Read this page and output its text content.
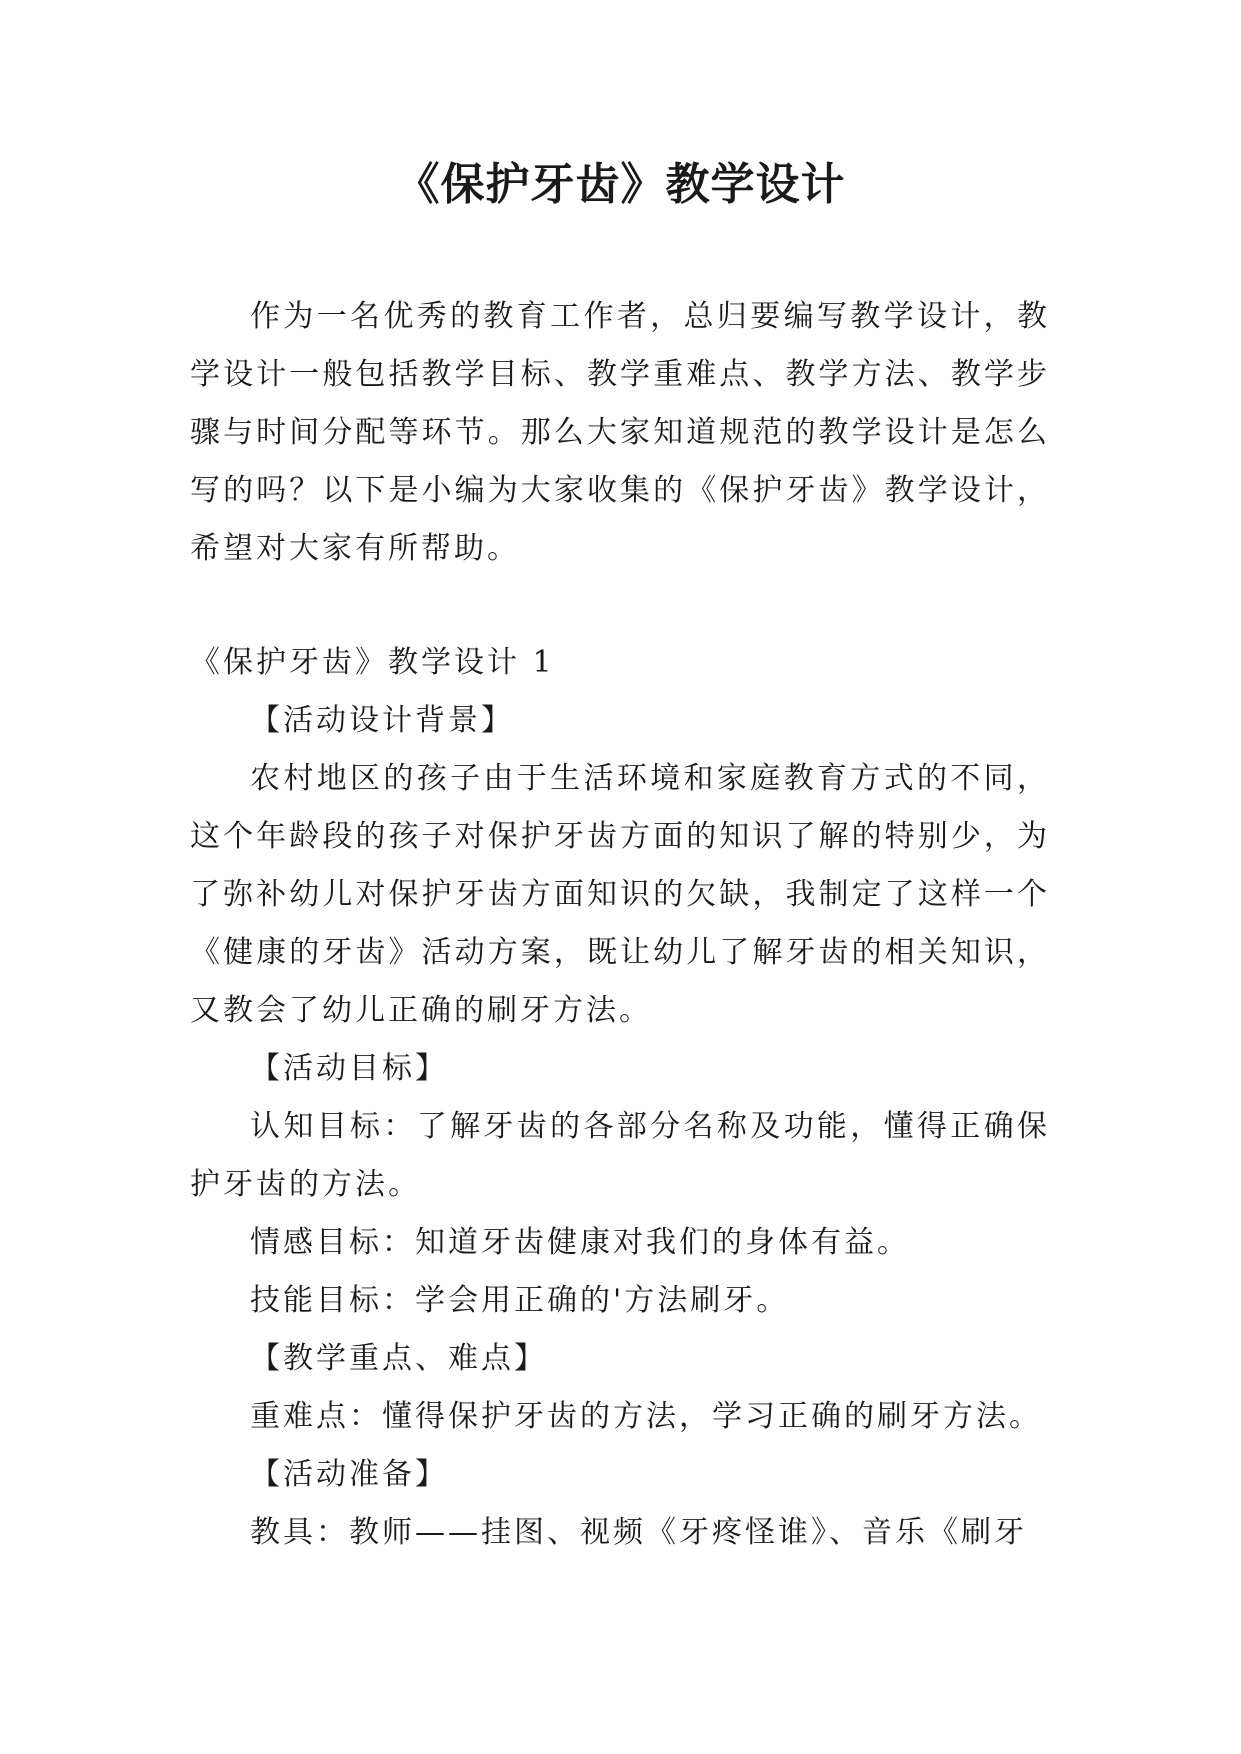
《保护牙齿》教学设计

作为一名优秀的教育工作者，总归要编写教学设计，教学设计一般包括教学目标、教学重难点、教学方法、教学步骤与时间分配等环节。那么大家知道规范的教学设计是怎么写的吗？以下是小编为大家收集的《保护牙齿》教学设计，希望对大家有所帮助。

《保护牙齿》教学设计 1

【活动设计背景】

农村地区的孩子由于生活环境和家庭教育方式的不同，这个年龄段的孩子对保护牙齿方面的知识了解的特别少，为了弥补幼儿对保护牙齿方面知识的欠缺，我制定了这样一个《健康的牙齿》活动方案，既让幼儿了解牙齿的相关知识，又教会了幼儿正确的刷牙方法。

【活动目标】

认知目标：了解牙齿的各部分名称及功能，懂得正确保护牙齿的方法。

情感目标：知道牙齿健康对我们的身体有益。

技能目标：学会用正确的'方法刷牙。

【教学重点、难点】

重难点：懂得保护牙齿的方法，学习正确的刷牙方法。

【活动准备】

教具：教师——挂图、视频《牙疼怪谁》、音乐《刷牙
